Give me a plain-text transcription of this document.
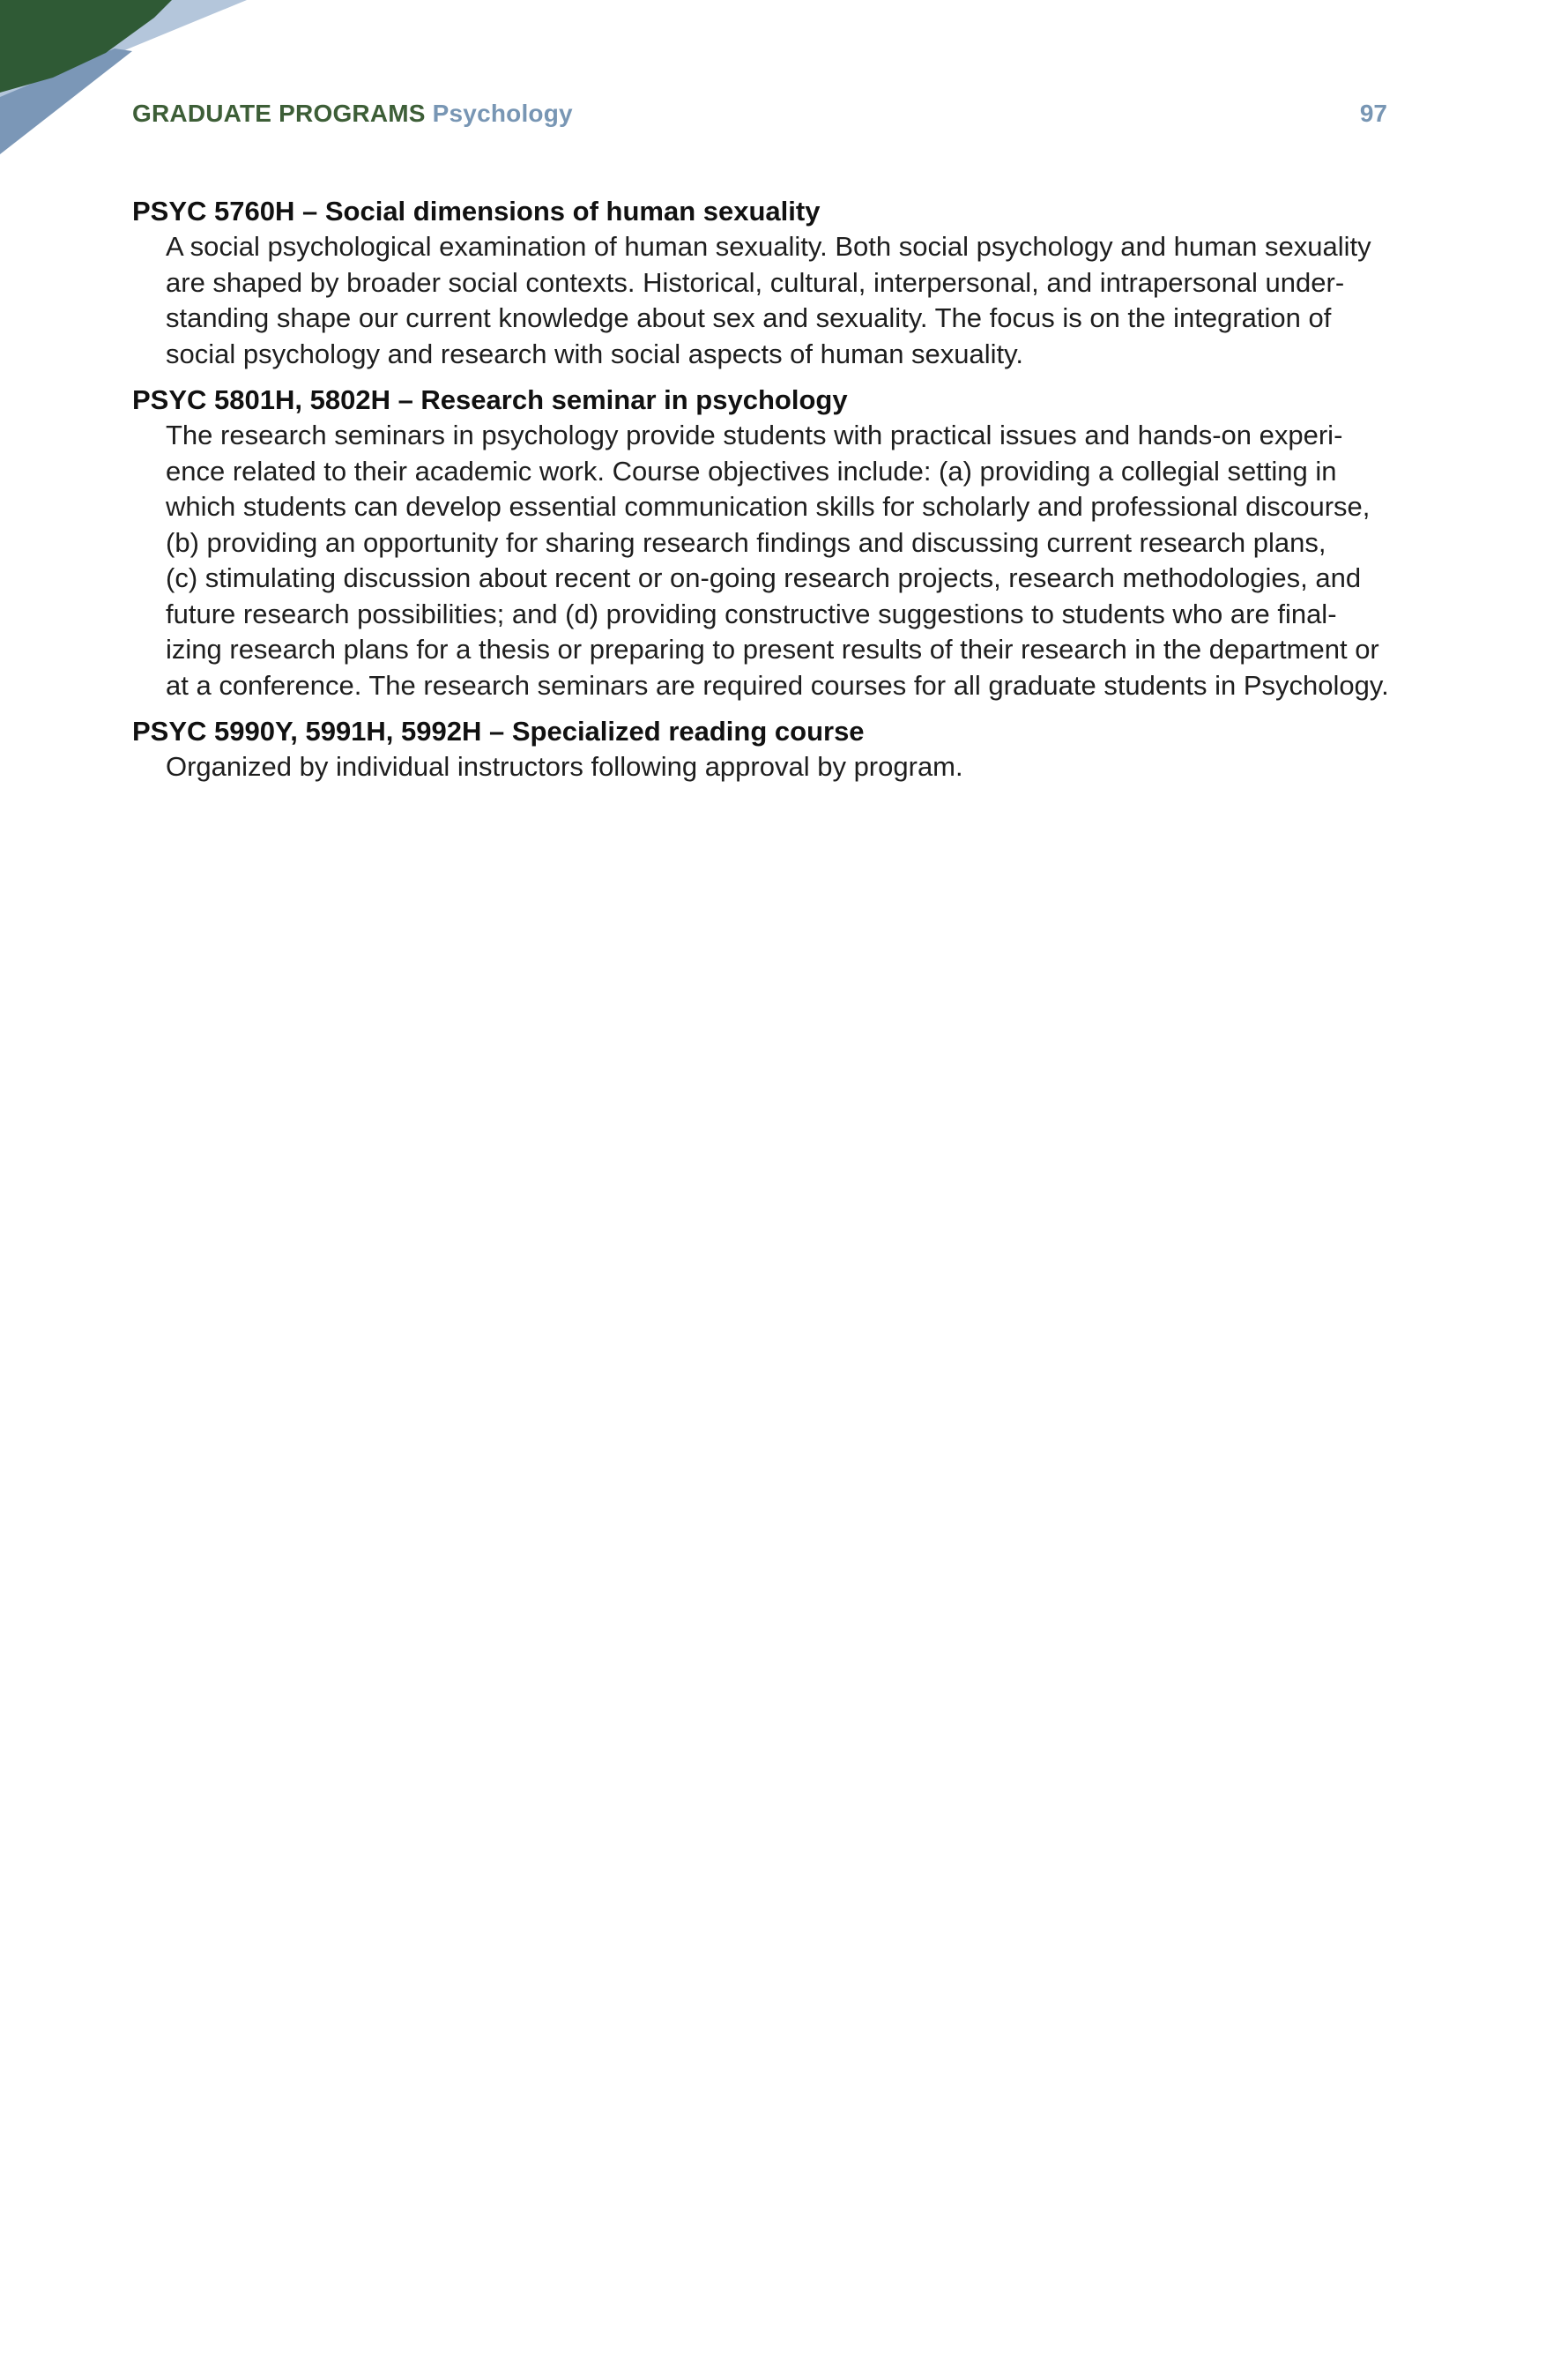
GRADUATE PROGRAMS Psychology	97
PSYC 5760H – Social dimensions of human sexuality
A social psychological examination of human sexuality. Both social psychology and human sexuality
are shaped by broader social contexts. Historical, cultural, interpersonal, and intrapersonal under-
standing shape our current knowledge about sex and sexuality. The focus is on the integration of
social psychology and research with social aspects of human sexuality.
PSYC 5801H, 5802H – Research seminar in psychology
The research seminars in psychology provide students with practical issues and hands-on experi-
ence related to their academic work. Course objectives include: (a) providing a collegial setting in
which students can develop essential communication skills for scholarly and professional discourse,
(b) providing an opportunity for sharing research findings and discussing current research plans,
(c) stimulating discussion about recent or on-going research projects, research methodologies, and
future research possibilities; and (d) providing constructive suggestions to students who are final-
izing research plans for a thesis or preparing to present results of their research in the department or
at a conference. The research seminars are required courses for all graduate students in Psychology.
PSYC 5990Y, 5991H, 5992H – Specialized reading course
Organized by individual instructors following approval by program.
